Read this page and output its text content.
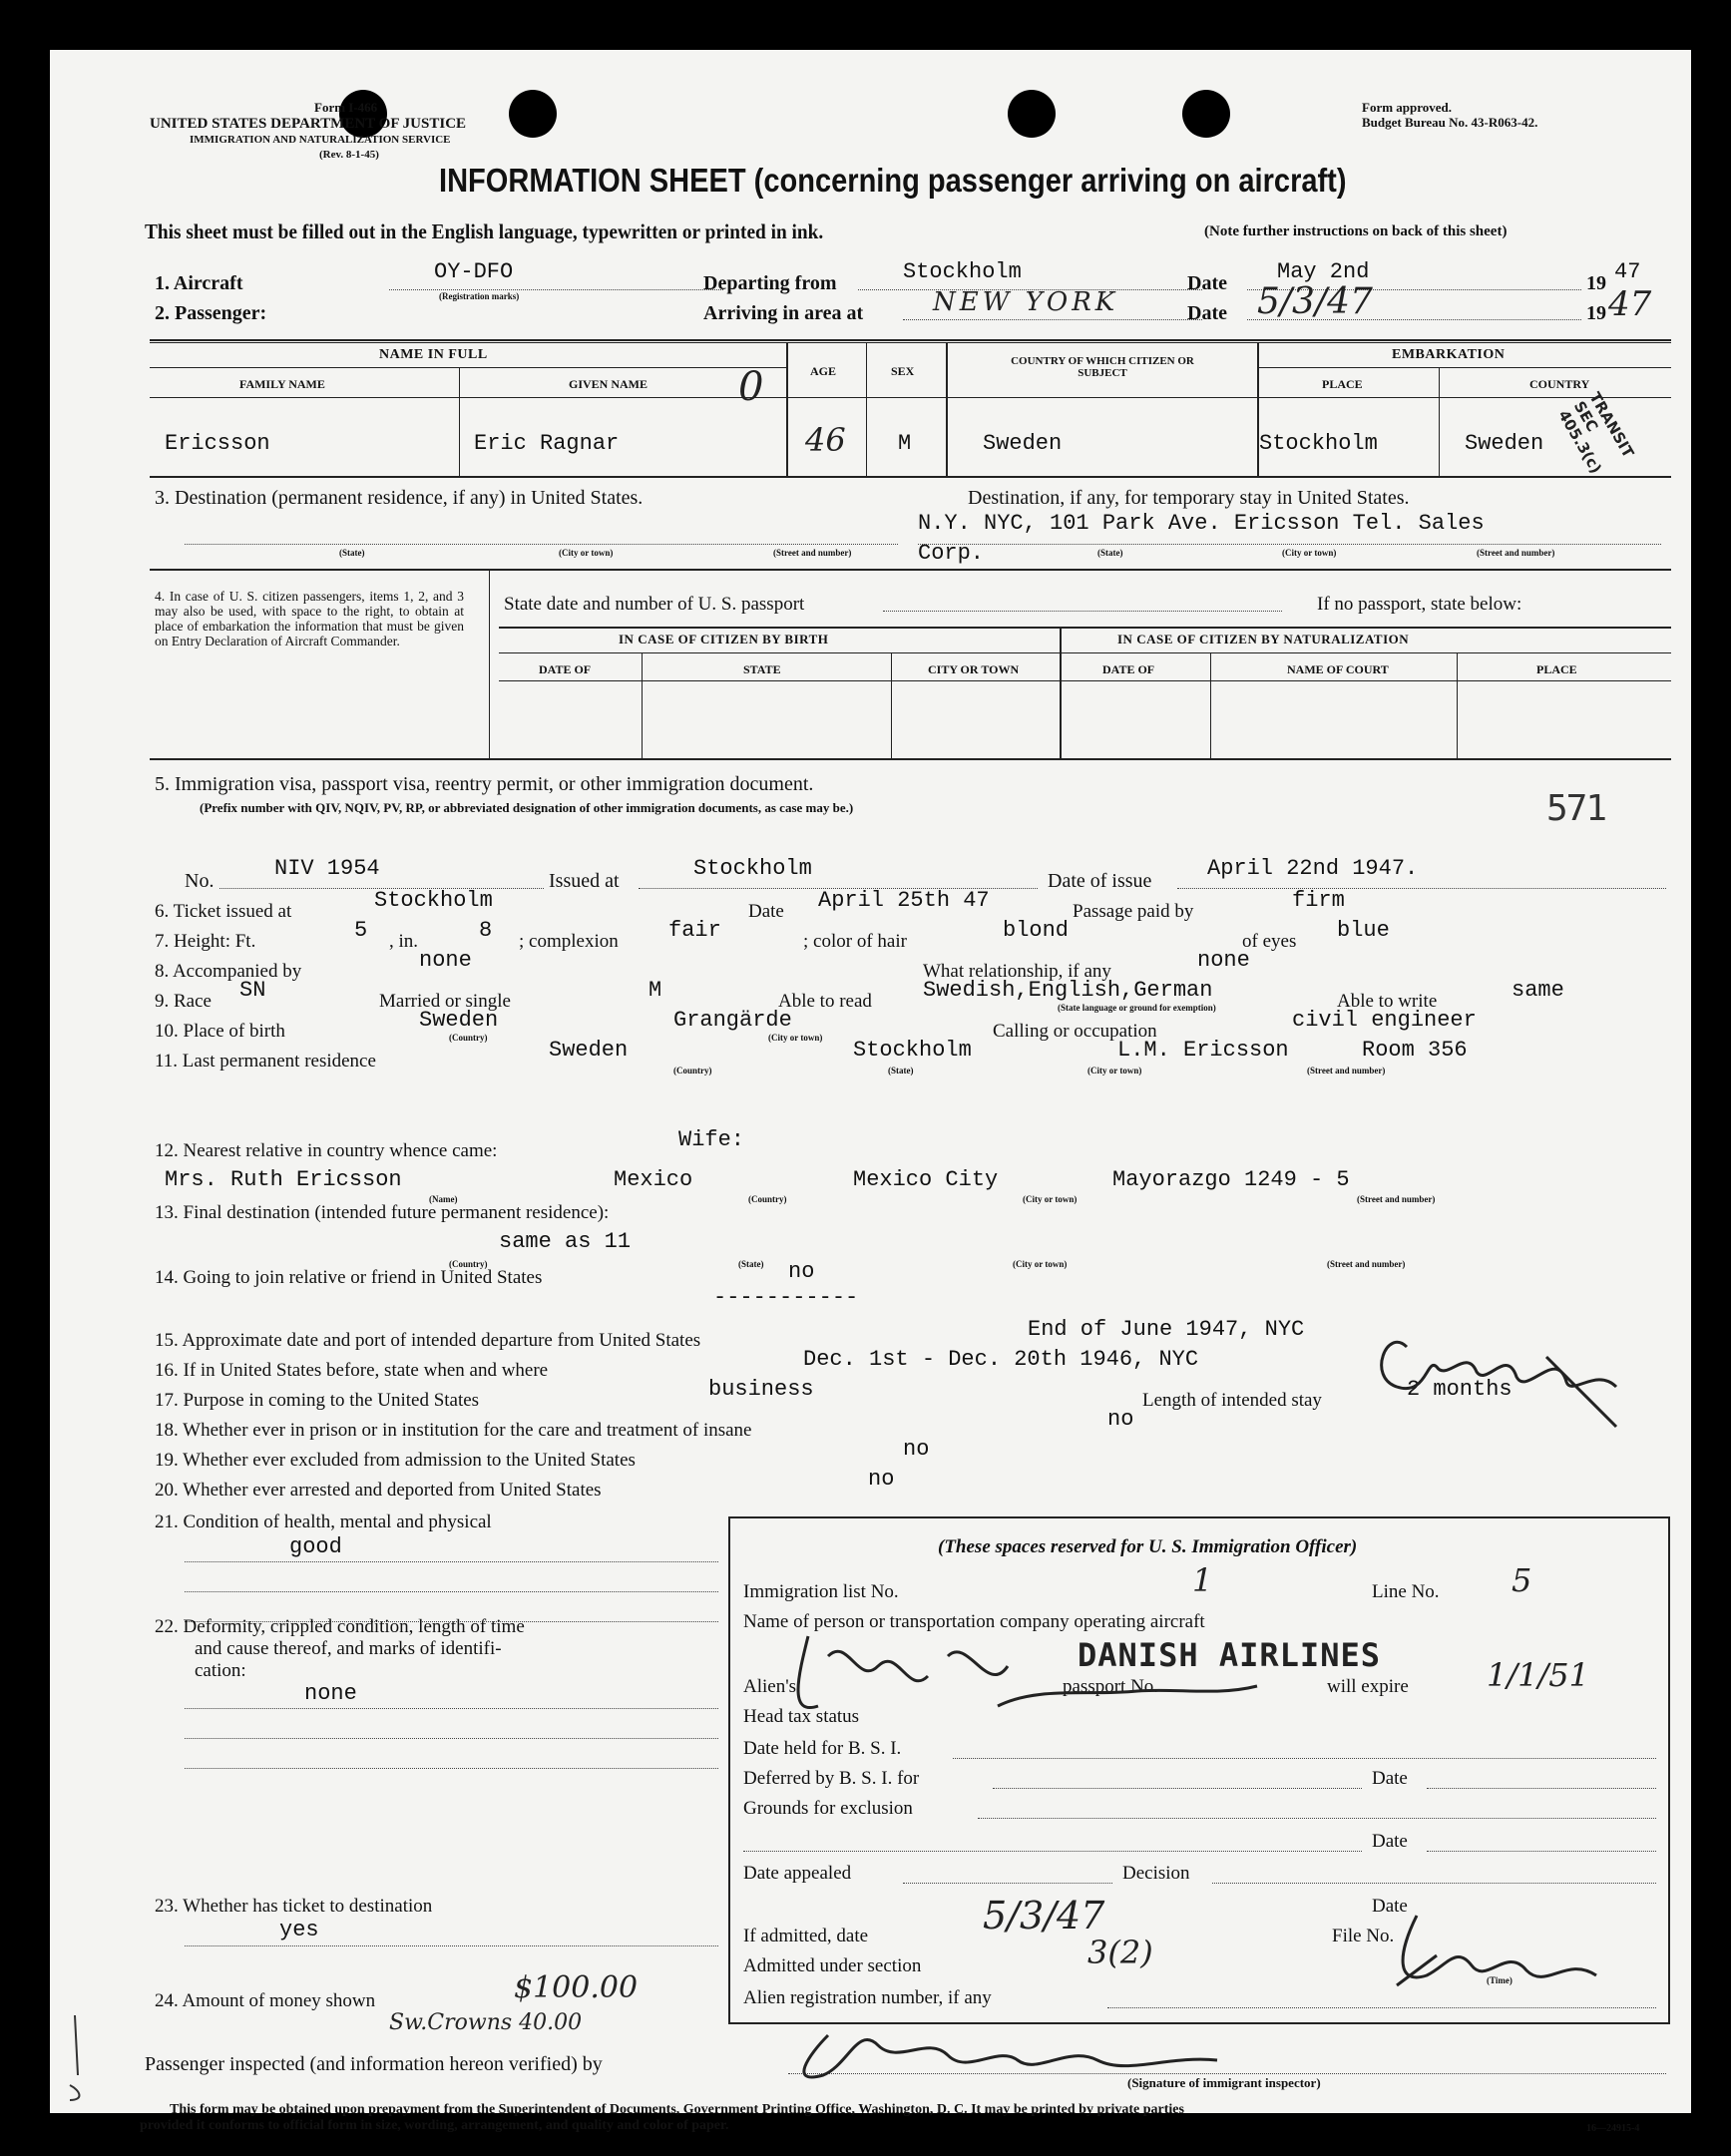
Form I-466
UNITED STATES DEPARTMENT OF JUSTICE
IMMIGRATION AND NATURALIZATION SERVICE
(Rev. 8-1-45)
Form approved.
Budget Bureau No. 43-R063-42.
INFORMATION SHEET (concerning passenger arriving on aircraft)
This sheet must be filled out in the English language, typewritten or printed in ink.	(Note further instructions on back of this sheet)
1. Aircraft	OY-DFO
(Registration marks)
Departing from	Stockholm	Date May 2nd	19 47
2. Passenger:	Arriving in area at	NEW YORK	Date 5/3/47	19 47
NAME IN FULL
FAMILY NAME	GIVEN NAME
AGE	SEX
COUNTRY OF WHICH CITIZEN OR SUBJECT
EMBARKATION
PLACE	COUNTRY
0
Ericsson	Eric Ragnar	46 M	Sweden	Stockholm	Sweden	TRANSIT SEC 405.3(c)
3. Destination (permanent residence, if any) in United States.	Destination, if any, for temporary stay in United States.
N.Y. NYC, 101 Park Ave. Ericsson Tel. Sales
Corp.
(State)	(City or town)	(Street and number)	(State)	(City or town)	(Street and number)
4. In case of U. S. citizen passengers, items 1, 2, and 3 may also be used, with space to the right, to obtain at place of embarkation the information that must be given on Entry Declaration of Aircraft Commander.
State date and number of U. S. passport	If no passport, state below:
IN CASE OF CITIZEN BY BIRTH	IN CASE OF CITIZEN BY NATURALIZATION
DATE OF	STATE	CITY OR TOWN	DATE OF	NAME OF COURT	PLACE
5. Immigration visa, passport visa, reentry permit, or other immigration document.
(Prefix number with QIV, NQIV, PV, RP, or abbreviated designation of other immigration documents, as case may be.)	571
No.	NIV 1954	Issued at	Stockholm	Date of issue	April 22nd 1947.
6. Ticket issued at	Stockholm	Date April 25th 47	Passage paid by	firm
7. Height: Ft.	5 , in.	8 ; complexion fair	; color of hair	blond	of eyes blue
8. Accompanied by	none	What relationship, if any	none
9. Race SN	Married or single	M	Able to read Swedish,English,German
(State language or ground for exemption)	Able to write	same
10. Place of birth	Sweden	Grangärde
(Country)	(City or town)	Calling or occupation	civil engineer
11. Last permanent residence	Sweden	Stockholm	L.M. Ericsson	Room 356
(Country)	(State)	(City or town)	(Street and number)
12. Nearest relative in country whence came:	Wife:
Mrs. Ruth Ericsson	Mexico	Mexico City	Mayorazgo 1249 - 5
(Name)	(Country)	(City or town)	(Street and number)
13. Final destination (intended future permanent residence):
same as 11
(Country)	(State)	(City or town)	(Street and number)
14. Going to join relative or friend in United States	no
-----------
15. Approximate date and port of intended departure from United States	End of June 1947, NYC
16. If in United States before, state when and where	Dec. 1st - Dec. 20th 1946, NYC
17. Purpose in coming to the United States	business	Length of intended stay	2 months
18. Whether ever in prison or in institution for the care and treatment of insane	no
19. Whether ever excluded from admission to the United States	no
20. Whether ever arrested and deported from United States	no
21. Condition of health, mental and physical
good
22. Deformity, crippled condition, length of time
and cause thereof, and marks of identifi-
cation:
none
23. Whether has ticket to destination
yes
24. Amount of money shown	$100.00
Sw.Crowns 40.00
Passenger inspected (and information hereon verified) by
(Signature of immigrant inspector)
(These spaces reserved for U. S. Immigration Officer)
Immigration list No.	1	Line No. 5
Name of person or transportation company operating aircraft
DANISH AIRLINES
Alien's	passport No.	will expire 1/1/51
Head tax status
Date held for B. S. I.
Deferred by B. S. I. for	Date
Grounds for exclusion
Date
Date appealed	Decision
Date
If admitted, date	5/3/47	File No.
Admitted under section	3(2)
Alien registration number, if any
(Time)
This form may be obtained upon prepayment from the Superintendent of Documents, Government Printing Office, Washington, D. C. It may be printed by private parties
provided it conforms to official form in size, wording, arrangement, and quality and color of paper.	16—24915-4
